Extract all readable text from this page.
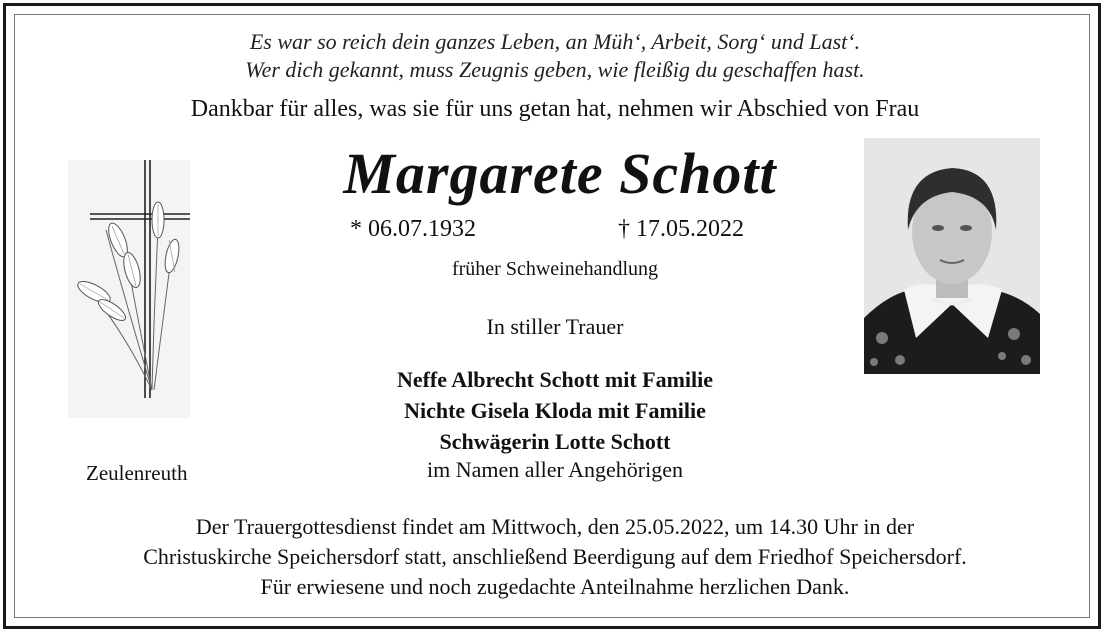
Es war so reich dein ganzes Leben, an Müh‘, Arbeit, Sorg‘ und Last‘.
Wer dich gekannt, muss Zeugnis geben, wie fleißig du geschaffen hast.
Dankbar für alles, was sie für uns getan hat, nehmen wir Abschied von Frau
Margarete Schott
* 06.07.1932	† 17.05.2022
früher Schweinehandlung
In stiller Trauer
Neffe Albrecht Schott mit Familie
Nichte Gisela Kloda mit Familie
Schwägerin Lotte Schott
im Namen aller Angehörigen
Zeulenreuth
Der Trauergottesdienst findet am Mittwoch, den 25.05.2022, um 14.30 Uhr in der
Christuskirche Speichersdorf statt, anschließend Beerdigung auf dem Friedhof Speichersdorf.
Für erwiesene und noch zugedachte Anteilnahme herzlichen Dank.
